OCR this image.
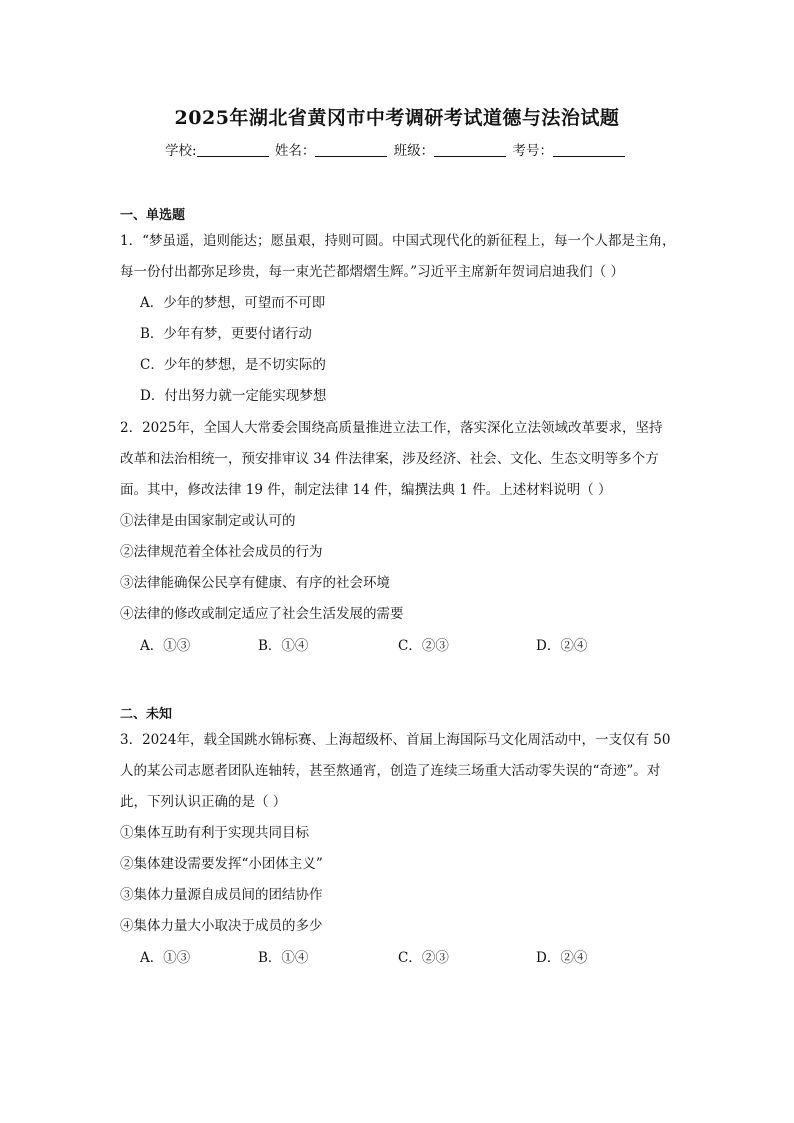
2025年湖北省黄冈市中考调研考试道德与法治试题
学校:	姓名：	班级：	考号：
一、单选题
1．“梦虽遥，追则能达；愿虽艰，持则可圆。中国式现代化的新征程上，每一个人都是主角，
每一份付出都弥足珍贵，每一束光芒都熠熠生辉。”习近平主席新年贺词启迪我们（ ）
A．少年的梦想，可望而不可即
B．少年有梦，更要付诸行动
C．少年的梦想，是不切实际的
D．付出努力就一定能实现梦想
2．2025年，全国人大常委会围绕高质量推进立法工作，落实深化立法领域改革要求，坚持
改革和法治相统一，预安排审议 34 件法律案，涉及经济、社会、文化、生态文明等多个方
面。其中，修改法律 19 件，制定法律 14 件，编撰法典 1 件。上述材料说明（ ）
①法律是由国家制定或认可的
②法律规范着全体社会成员的行为
③法律能确保公民享有健康、有序的社会环境
④法律的修改或制定适应了社会生活发展的需要
A．①③	B．①④	C．②③	D．②④
二、未知
3．2024年，载全国跳水锦标赛、上海超级杯、首届上海国际马文化周活动中，一支仅有 50
人的某公司志愿者团队连轴转，甚至熬通宵，创造了连续三场重大活动零失误的“奇迹”。对
此，下列认识正确的是（ ）
①集体互助有利于实现共同目标
②集体建设需要发挥“小团体主义”
③集体力量源自成员间的团结协作
④集体力量大小取决于成员的多少
A．①③	B．①④	C．②③	D．②④
